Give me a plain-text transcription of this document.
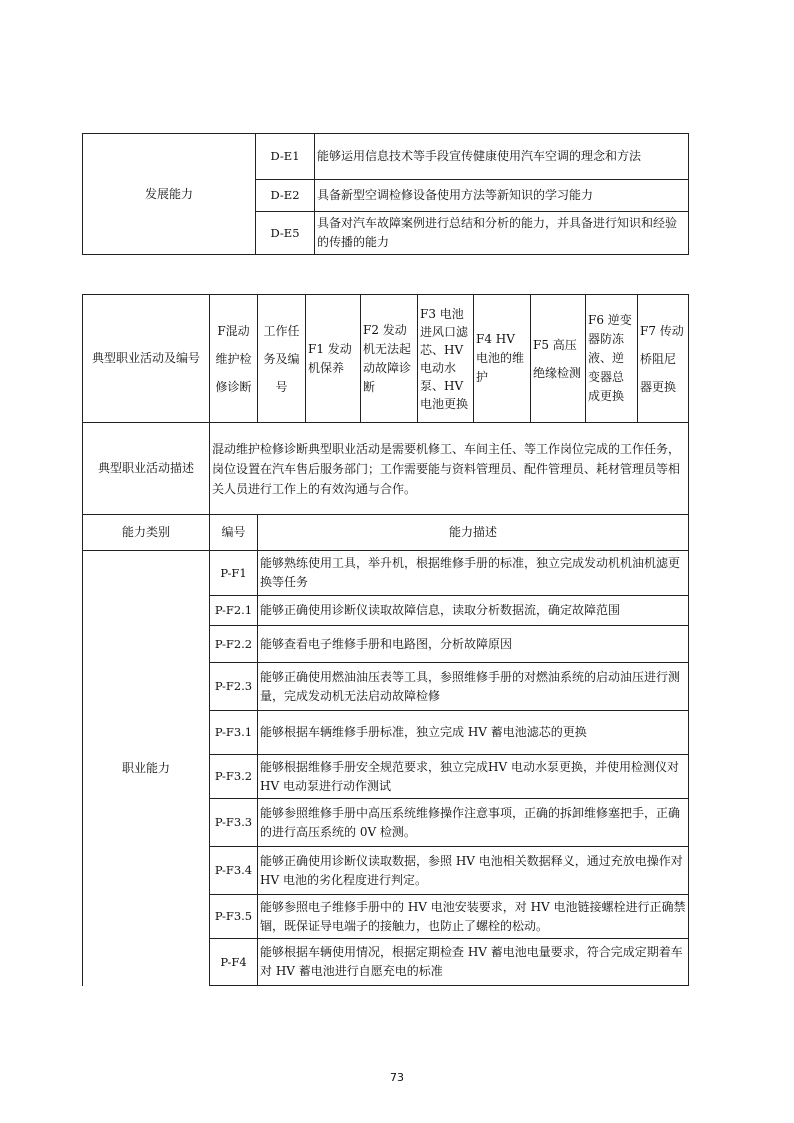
发展能力	D-E1	能够运用信息技术等手段宣传健康使用汽车空调的理念和方法
	D-E2	具备新型空调检修设备使用方法等新知识的学习能力
	D-E5	具备对汽车故障案例进行总结和分析的能力，并具备进行知识和经验的传播的能力
典型职业活动及编号	F混动维护检修诊断	工作任务及编号	F1 发动机保养	F2 发动机无法起动故障诊断	F3 电池进风口滤芯、HV 电动水泵、HV 电池更换	F4 HV 电池的维护	F5 高压绝缘检测	F6 逆变器防冻液、逆变器总成更换	F7 传动桥阻尼器更换
典型职业活动描述	混动维护检修诊断典型职业活动是需要机修工、车间主任、等工作岗位完成的工作任务，岗位设置在汽车售后服务部门；工作需要能与资料管理员、配件管理员、耗材管理员等相关人员进行工作上的有效沟通与合作。								
能力类别	编号	能力描述							
职业能力	P-F1	能够熟练使用工具，举升机，根据维修手册的标准，独立完成发动机机油机滤更换等任务							
	P-F2.1	能够正确使用诊断仪读取故障信息，读取分析数据流，确定故障范围							
	P-F2.2	能够查看电子维修手册和电路图，分析故障原因							
	P-F2.3	能够正确使用燃油油压表等工具，参照维修手册的对燃油系统的启动油压进行测量，完成发动机无法启动故障检修							
	P-F3.1	能够根据车辆维修手册标准，独立完成 HV 蓄电池滤芯的更换							
	P-F3.2	能够根据维修手册安全规范要求，独立完成HV 电动水泵更换，并使用检测仪对 HV 电动泵进行动作测试							
	P-F3.3	能够参照维修手册中高压系统维修操作注意事项，正确的拆卸维修塞把手，正确的进行高压系统的 0V 检测。							
	P-F3.4	能够正确使用诊断仪读取数据，参照 HV 电池相关数据释义，通过充放电操作对 HV 电池的劣化程度进行判定。							
	P-F3.5	能够参照电子维修手册中的 HV 电池安装要求，对 HV 电池链接螺栓进行正确禁锢，既保证导电端子的接触力，也防止了螺栓的松动。							
	P-F4	能够根据车辆使用情况，根据定期检查 HV 蓄电池电量要求，符合完成定期着车对 HV 蓄电池进行自愿充电的标准							
73
